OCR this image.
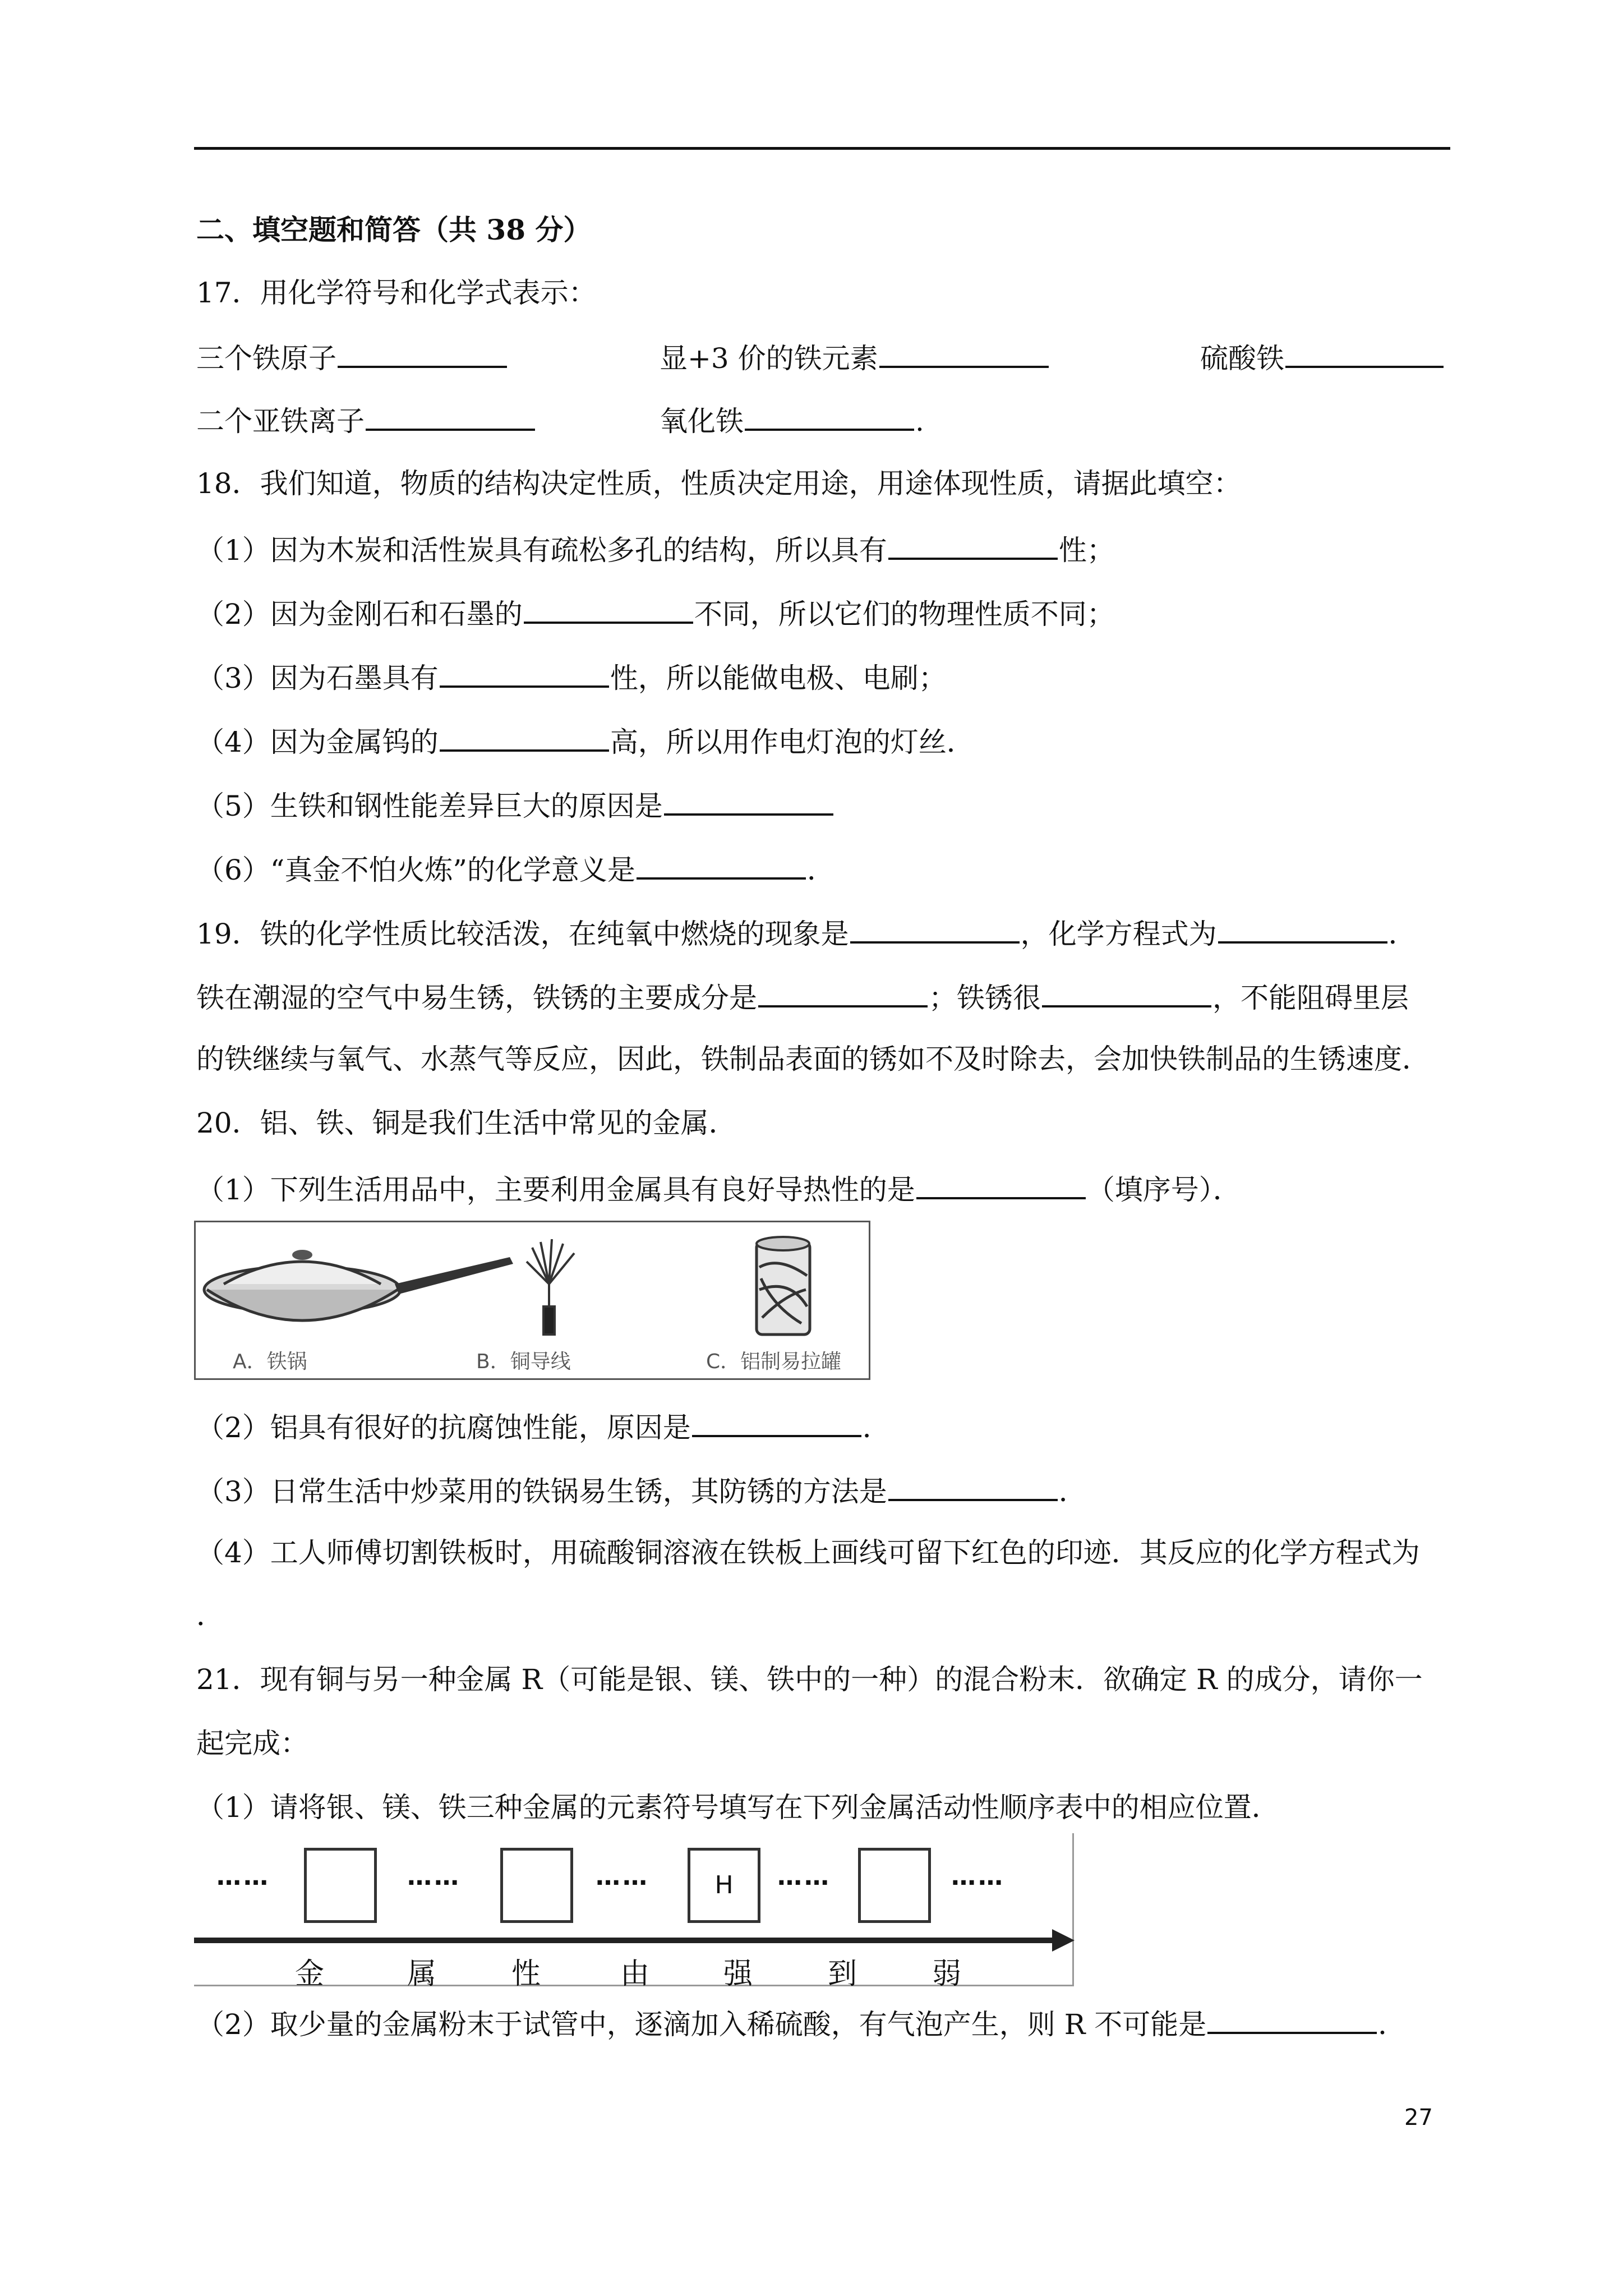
二、填空题和简答（共 38 分）
17．用化学符号和化学式表示：
三个铁原子	显+3 价的铁元素	硫酸铁
二个亚铁离子	氧化铁	.
18．我们知道，物质的结构决定性质，性质决定用途，用途体现性质，请据此填空：
（1）因为木炭和活性炭具有疏松多孔的结构，所以具有	性；
（2）因为金刚石和石墨的	不同，所以它们的物理性质不同；
（3）因为石墨具有	性，所以能做电极、电刷；
（4）因为金属钨的	高，所以用作电灯泡的灯丝．
（5）生铁和钢性能差异巨大的原因是
（6）“真金不怕火炼”的化学意义是	．
19．铁的化学性质比较活泼，在纯氧中燃烧的现象是	，化学方程式为	．
铁在潮湿的空气中易生锈，铁锈的主要成分是	；铁锈很	，不能阻碍里层
的铁继续与氧气、水蒸气等反应，因此，铁制品表面的锈如不及时除去，会加快铁制品的生锈速度．
20．铝、铁、铜是我们生活中常见的金属．
（1）下列生活用品中，主要利用金属具有良好导热性的是	（填序号）．
A．铁锅	B．铜导线	C．铝制易拉罐
（2）铝具有很好的抗腐蚀性能，原因是	．
（3）日常生活中炒菜用的铁锅易生锈，其防锈的方法是	．
（4）工人师傅切割铁板时，用硫酸铜溶液在铁板上画线可留下红色的印迹．其反应的化学方程式为
．
21．现有铜与另一种金属 R（可能是银、镁、铁中的一种）的混合粉末．欲确定 R 的成分，请你一
起完成：
（1）请将银、镁、铁三种金属的元素符号填写在下列金属活动性顺序表中的相应位置．
……	……	……	H	……	……
金	属	性	由	强	到	弱
（2）取少量的金属粉末于试管中，逐滴加入稀硫酸，有气泡产生，则 R 不可能是	．
27
